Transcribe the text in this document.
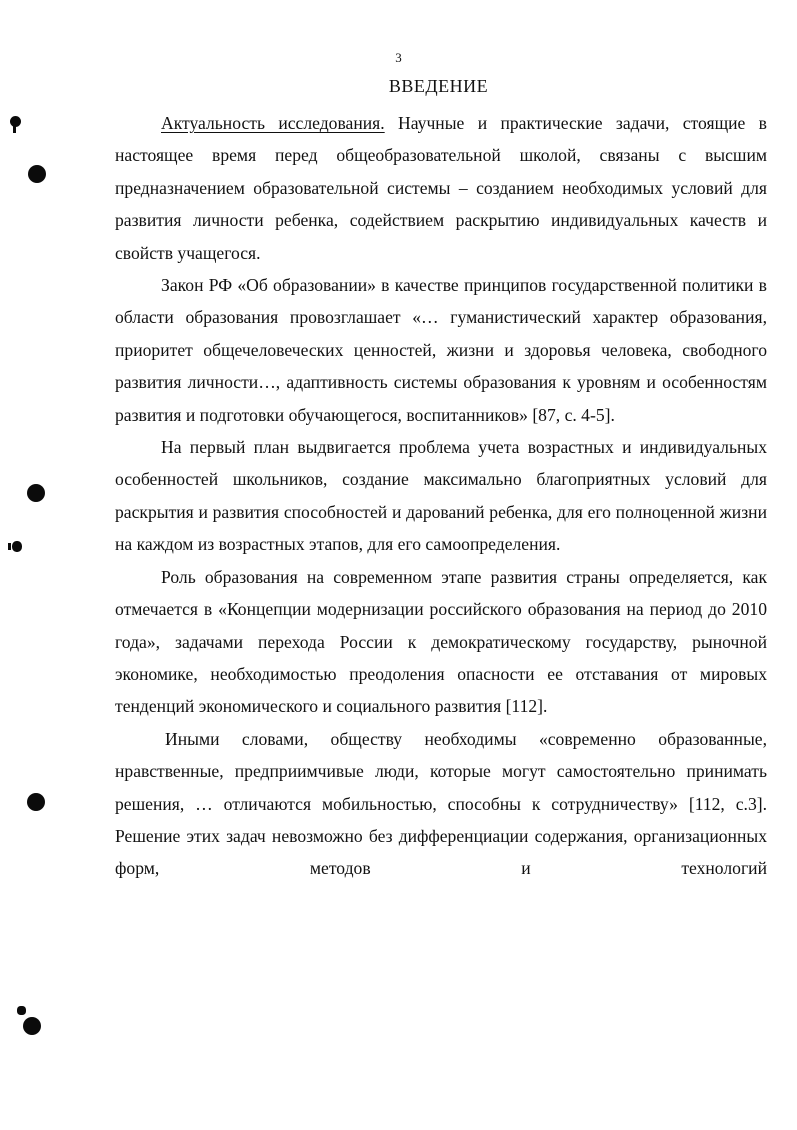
3
ВВЕДЕНИЕ

Актуальность исследования. Научные и практические задачи, стоящие в настоящее время перед общеобразовательной школой, связаны с высшим предназначением образовательной системы – созданием необходимых условий для развития личности ребенка, содействием раскрытию индивидуальных качеств и свойств учащегося.

Закон РФ «Об образовании» в качестве принципов государственной политики в области образования провозглашает «… гуманистический характер образования, приоритет общечеловеческих ценностей, жизни и здоровья человека, свободного развития личности…, адаптивность системы образования к уровням и особенностям развития и подготовки обучающегося, воспитанников» [87, с. 4-5].

На первый план выдвигается проблема учета возрастных и индивидуальных особенностей школьников, создание максимально благоприятных условий для раскрытия и развития способностей и дарований ребенка, для его полноценной жизни на каждом из возрастных этапов, для его самоопределения.

Роль образования на современном этапе развития страны определяется, как отмечается в «Концепции модернизации российского образования на период до 2010 года», задачами перехода России к демократическому государству, рыночной экономике, необходимостью преодоления опасности ее отставания от мировых тенденций экономического и социального развития [112].

Иными словами, обществу необходимы «современно образованные, нравственные, предприимчивые люди, которые могут самостоятельно принимать решения, … отличаются мобильностью, способны к сотрудничеству» [112, с.3]. Решение этих задач невозможно без дифференциации содержания, организационных форм, методов и технологий
